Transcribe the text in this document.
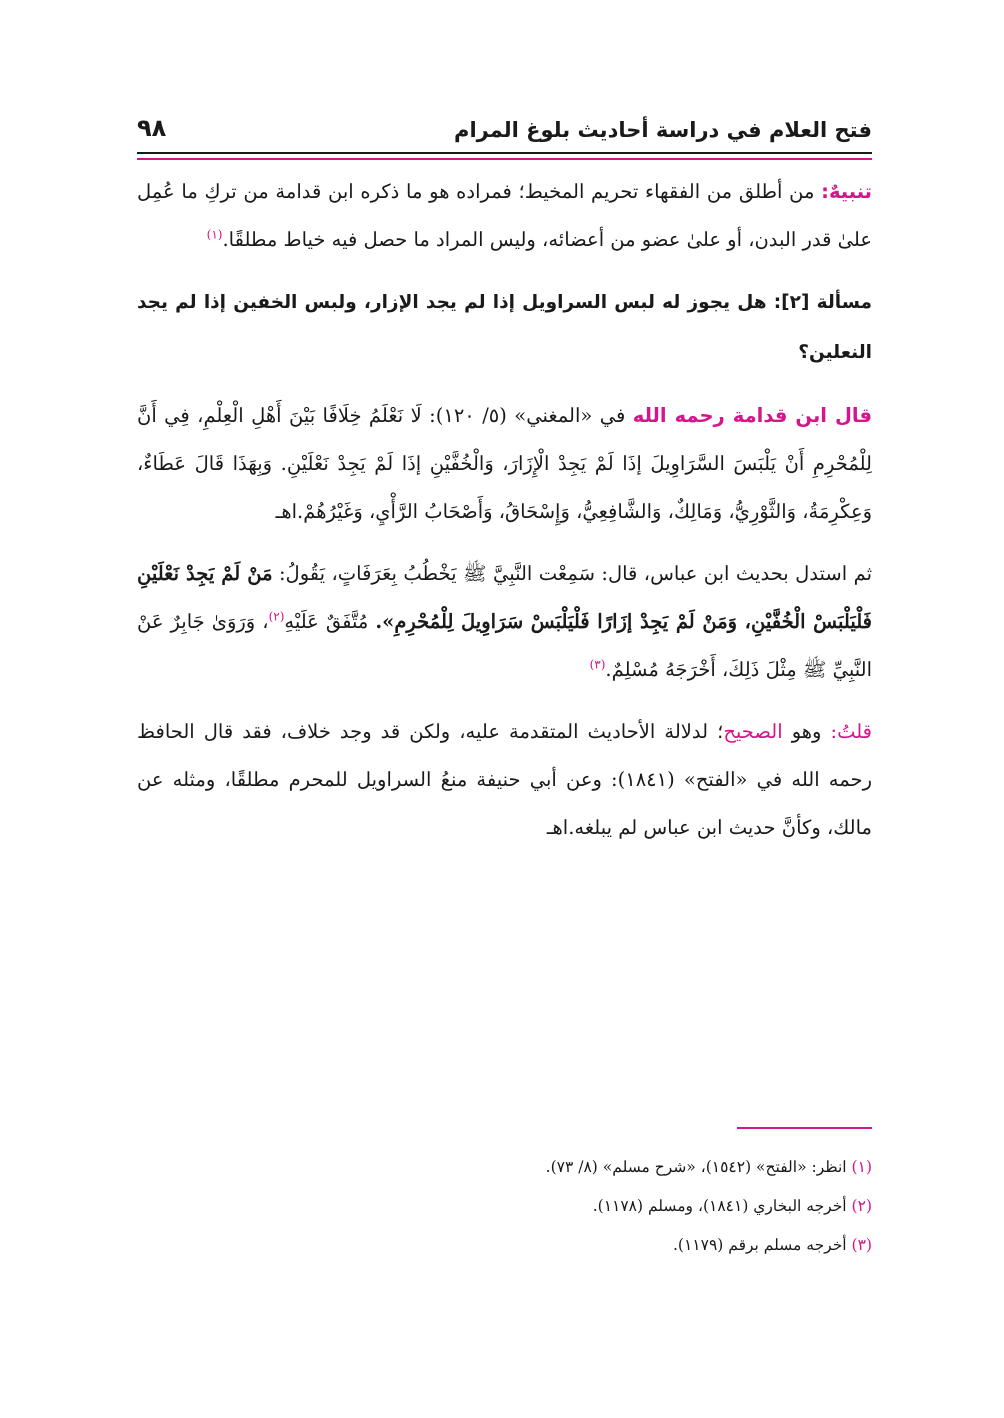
فتح العلام في دراسة أحاديث بلوغ المرام
٩٨

تنبيهٌ: من أطلق من الفقهاء تحريم المخيط؛ فمراده هو ما ذكره ابن قدامة من تركِ ما عُمِل علىٰ قدر البدن، أو علىٰ عضو من أعضائه، وليس المراد ما حصل فيه خياط مطلقًا.$^{(١)}$

مسألة [٢]: هل يجوز له لبس السراويل إذا لم يجد الإزار، ولبس الخفين إذا لم يجد النعلين؟

قال ابن قدامة رحمه الله في «المغني» (٥/ ١٢٠): لَا نَعْلَمُ خِلَافًا بَيْنَ أَهْلِ الْعِلْمِ، فِي أَنَّ لِلْمُحْرِمِ أَنْ يَلْبَسَ السَّرَاوِيلَ إذَا لَمْ يَجِدْ الْإِزَارَ، وَالْخُفَّيْنِ إذَا لَمْ يَجِدْ نَعْلَيْنِ. وَبِهَذَا قَالَ عَطَاءٌ، وَعِكْرِمَةُ، وَالثَّوْرِيُّ، وَمَالِكٌ، وَالشَّافِعِيُّ، وَإِسْحَاقُ، وَأَصْحَابُ الرَّأْيِ، وَغَيْرُهُمْ.اهـ

ثم استدل بحديث ابن عباس، قال: سَمِعْت النَّبِيَّ ﷺ يَخْطُبُ بِعَرَفَاتٍ، يَقُولُ: مَنْ لَمْ يَجِدْ نَعْلَيْنِ فَلْيَلْبَسْ الْخُفَّيْنِ، وَمَنْ لَمْ يَجِدْ إزَارًا فَلْيَلْبَسْ سَرَاوِيلَ لِلْمُحْرِمِ». مُتَّفَقٌ عَلَيْهِ$^{(٢)}$، وَرَوَىٰ جَابِرٌ عَنْ النَّبِيِّ ﷺ مِثْلَ ذَلِكَ، أَخْرَجَهُ مُسْلِمٌ.$^{(٣)}$

قلتُ: وهو الصحيح؛ لدلالة الأحاديث المتقدمة عليه، ولكن قد وجد خلاف، فقد قال الحافظ رحمه الله في «الفتح» (١٨٤١): وعن أبي حنيفة منعُ السراويل للمحرم مطلقًا، ومثله عن مالك، وكأنَّ حديث ابن عباس لم يبلغه.اهـ

(١) انظر: «الفتح» (١٥٤٢)، «شرح مسلم» (٨/ ٧٣).
(٢) أخرجه البخاري (١٨٤١)، ومسلم (١١٧٨).
(٣) أخرجه مسلم برقم (١١٧٩).
